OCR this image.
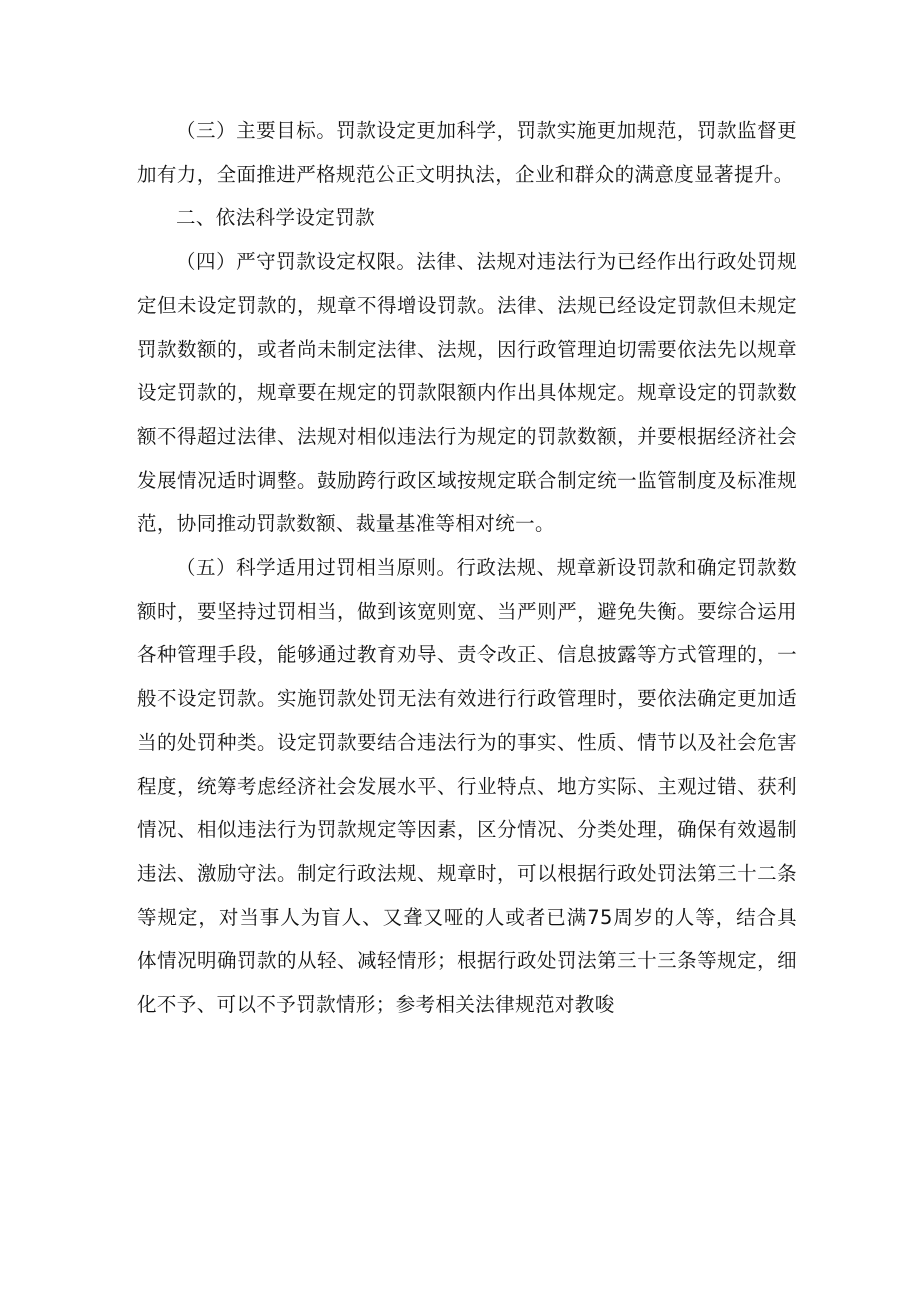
（三）主要目标。罚款设定更加科学，罚款实施更加规范，罚款监督更加有力，全面推进严格规范公正文明执法，企业和群众的满意度显著提升。

二、依法科学设定罚款

（四）严守罚款设定权限。法律、法规对违法行为已经作出行政处罚规定但未设定罚款的，规章不得增设罚款。法律、法规已经设定罚款但未规定罚款数额的，或者尚未制定法律、法规，因行政管理迫切需要依法先以规章设定罚款的，规章要在规定的罚款限额内作出具体规定。规章设定的罚款数额不得超过法律、法规对相似违法行为规定的罚款数额，并要根据经济社会发展情况适时调整。鼓励跨行政区域按规定联合制定统一监管制度及标准规范，协同推动罚款数额、裁量基准等相对统一。

（五）科学适用过罚相当原则。行政法规、规章新设罚款和确定罚款数额时，要坚持过罚相当，做到该宽则宽、当严则严，避免失衡。要综合运用各种管理手段，能够通过教育劝导、责令改正、信息披露等方式管理的，一般不设定罚款。实施罚款处罚无法有效进行行政管理时，要依法确定更加适当的处罚种类。设定罚款要结合违法行为的事实、性质、情节以及社会危害程度，统筹考虑经济社会发展水平、行业特点、地方实际、主观过错、获利情况、相似违法行为罚款规定等因素，区分情况、分类处理，确保有效遏制违法、激励守法。制定行政法规、规章时，可以根据行政处罚法第三十二条等规定，对当事人为盲人、又聋又哑的人或者已满75周岁的人等，结合具体情况明确罚款的从轻、减轻情形；根据行政处罚法第三十三条等规定，细化不予、可以不予罚款情形；参考相关法律规范对教唆
